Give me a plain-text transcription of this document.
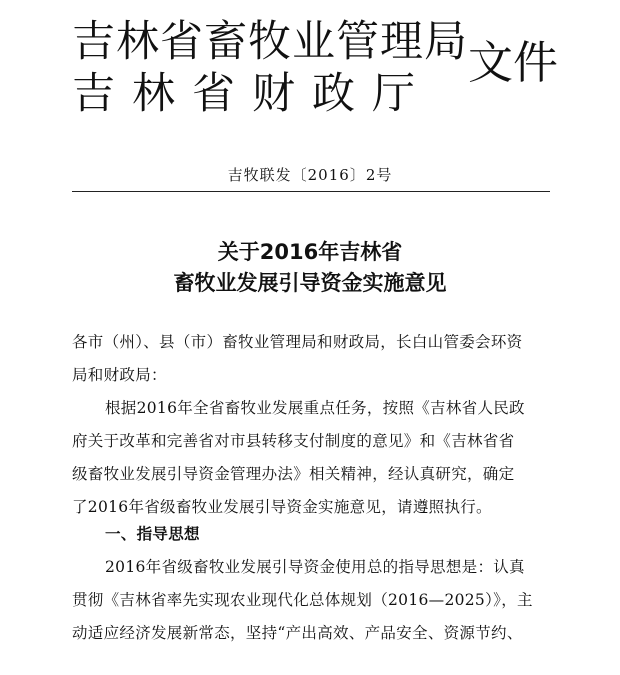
吉林省畜牧业管理局
吉林省财政厅
文件
吉牧联发〔2016〕2号
关于2016年吉林省
畜牧业发展引导资金实施意见
各市（州）、县（市）畜牧业管理局和财政局，长白山管委会环资
局和财政局：
根据2016年全省畜牧业发展重点任务，按照《吉林省人民政
府关于改革和完善省对市县转移支付制度的意见》和《吉林省省
级畜牧业发展引导资金管理办法》相关精神，经认真研究，确定
了2016年省级畜牧业发展引导资金实施意见，请遵照执行。
一、指导思想
2016年省级畜牧业发展引导资金使用总的指导思想是：认真
贯彻《吉林省率先实现农业现代化总体规划（2016—2025）》，主
动适应经济发展新常态，坚持“产出高效、产品安全、资源节约、
